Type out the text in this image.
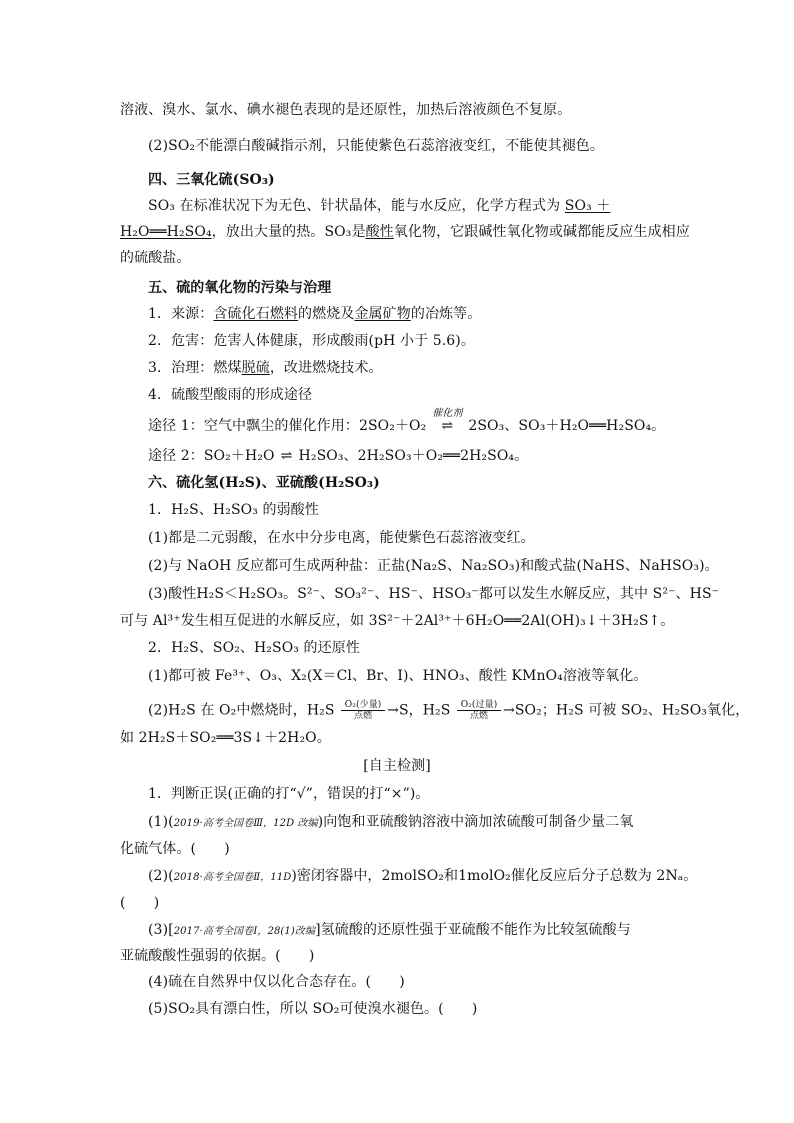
溶液、溴水、氯水、碘水褪色表现的是还原性，加热后溶液颜色不复原。
(2)SO₂不能漂白酸碱指示剂，只能使紫色石蕊溶液变红，不能使其褪色。
四、三氧化硫(SO₃)
SO₃ 在标准状况下为无色、针状晶体，能与水反应，化学方程式为 SO₃ ＋
H₂O══H₂SO₄，放出大量的热。SO₃是酸性氧化物，它跟碱性氧化物或碱都能反应生成相应
的硫酸盐。
五、硫的氧化物的污染与治理
1．来源：含硫化石燃料的燃烧及金属矿物的冶炼等。
2．危害：危害人体健康，形成酸雨(pH 小于 5.6)。
3．治理：燃煤脱硫，改进燃烧技术。
4．硫酸型酸雨的形成途径
途径 1：空气中飘尘的催化作用：2SO₂＋O₂
催化剂
⇌ 2SO₃、SO₃＋H₂O══H₂SO₄。
途径 2：SO₂＋H₂O ⇌ H₂SO₃、2H₂SO₃＋O₂══2H₂SO₄。
六、硫化氢(H₂S)、亚硫酸(H₂SO₃)
1．H₂S、H₂SO₃ 的弱酸性
(1)都是二元弱酸，在水中分步电离，能使紫色石蕊溶液变红。
(2)与 NaOH 反应都可生成两种盐：正盐(Na₂S、Na₂SO₃)和酸式盐(NaHS、NaHSO₃)。
(3)酸性H₂S＜H₂SO₃。S²⁻、SO₃²⁻、HS⁻、HSO₃⁻都可以发生水解反应，其中 S²⁻、HS⁻
可与 Al³⁺发生相互促进的水解反应，如 3S²⁻＋2Al³⁺＋6H₂O══2Al(OH)₃↓＋3H₂S↑。
2．H₂S、SO₂、H₂SO₃ 的还原性
(1)都可被 Fe³⁺、O₃、X₂(X＝Cl、Br、I)、HNO₃、酸性 KMnO₄溶液等氧化。
(2)H₂S 在 O₂中燃烧时，H₂S O₂(少量)
点燃 →S，H₂S O₂(过量)
点燃 →SO₂；H₂S 可被 SO₂、H₂SO₃氧化，
如 2H₂S＋SO₂══3S↓＋2H₂O。
[自主检测]
1．判断正误(正确的打“√”，错误的打“×”)。
(1)(2019·高考全国卷Ⅲ，12D 改编)向饱和亚硫酸钠溶液中滴加浓硫酸可制备少量二氧
化硫气体。(　　)
(2)(2018·高考全国卷Ⅱ，11D)密闭容器中，2molSO₂和1molO₂催化反应后分子总数为 2Nₐ。
(　　)
(3)[2017·高考全国卷Ⅰ，28(1)改编]氢硫酸的还原性强于亚硫酸不能作为比较氢硫酸与
亚硫酸酸性强弱的依据。(　　)
(4)硫在自然界中仅以化合态存在。(　　)
(5)SO₂具有漂白性，所以 SO₂可使溴水褪色。(　　)
